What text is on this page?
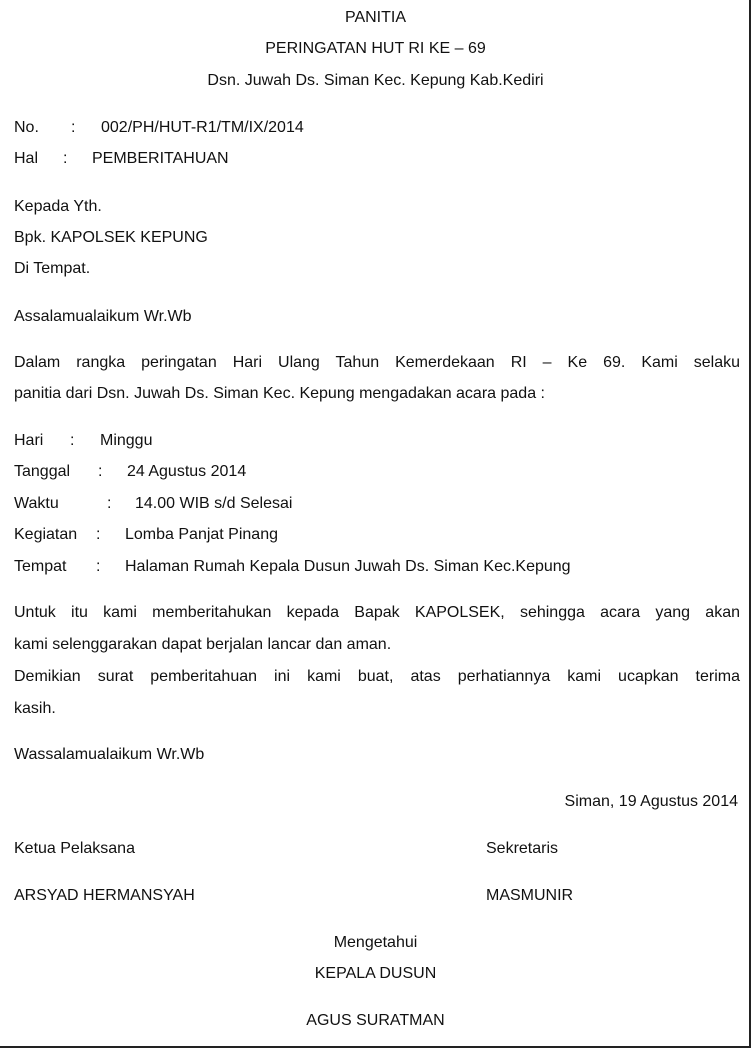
PANITIA
PERINGATAN HUT RI KE – 69
Dsn. Juwah Ds. Siman Kec. Kepung Kab.Kediri
No. : 002/PH/HUT-R1/TM/IX/2014
Hal : PEMBERITAHUAN
Kepada Yth.
Bpk. KAPOLSEK KEPUNG
Di Tempat.
Assalamualaikum Wr.Wb
Dalam rangka peringatan Hari Ulang Tahun Kemerdekaan RI – Ke 69. Kami selaku
panitia dari Dsn. Juwah Ds. Siman Kec. Kepung mengadakan acara pada :
Hari : Minggu
Tanggal : 24 Agustus 2014
Waktu	: 14.00 WIB s/d Selesai
Kegiatan : Lomba Panjat Pinang
Tempat : Halaman Rumah Kepala Dusun Juwah Ds. Siman Kec.Kepung
Untuk itu kami memberitahukan kepada Bapak KAPOLSEK, sehingga acara yang akan
kami selenggarakan dapat berjalan lancar dan aman.
Demikian surat pemberitahuan ini kami buat, atas perhatiannya kami ucapkan terima
kasih.
Wassalamualaikum Wr.Wb
Siman, 19 Agustus 2014
Ketua Pelaksana	Sekretaris
ARSYAD HERMANSYAH	MASMUNIR
Mengetahui
KEPALA DUSUN
AGUS SURATMAN
